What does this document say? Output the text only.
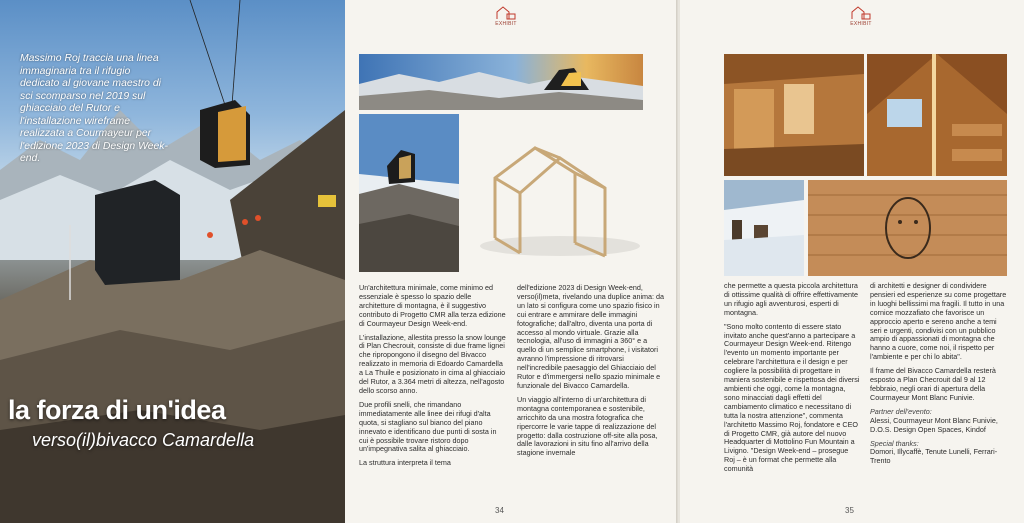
Massimo Roj traccia una linea immaginaria tra il rifugio dedicato al giovane maestro di sci scomparso nel 2019 sul ghiacciaio del Rutor e l'installazione wireframe realizzata a Courmayeur per l'edizione 2023 di Design Week-end.
la forza di un'idea
verso(il)bivacco Camardella
EXHIBIT

Un'architettura minimale, come minimo ed essenziale è spesso lo spazio delle architetture di montagna, è il suggestivo contributo di Progetto CMR alla terza edizione di Courmayeur Design Week-end.

L'installazione, allestita presso la snow lounge di Plan Checrouit, consiste di due frame lignei che ripropongono il disegno del Bivacco realizzato in memoria di Edoardo Camardella a La Thuile e posizionato in cima al ghiacciaio del Rutor, a 3.364 metri di altezza, nell'agosto dello scorso anno.

Due profili snelli, che rimandano immediatamente alle linee dei rifugi d'alta quota, si stagliano sul bianco del piano innevato e identificano due punti di sosta in cui è possibile trovare ristoro dopo un'impegnativa salita al ghiacciaio.

La struttura interpreta il tema

dell'edizione 2023 di Design Week-end, verso(il)meta, rivelando una duplice anima: da un lato si configura come uno spazio fisico in cui entrare e ammirare delle immagini fotografiche; dall'altro, diventa una porta di accesso al mondo virtuale. Grazie alla tecnologia, all'uso di immagini a 360° e a quello di un semplice smartphone, i visitatori avranno l'impressione di ritrovarsi nell'incredibile paesaggio del Ghiacciaio del Rutor e d'immergersi nello spazio minimale e funzionale del Bivacco Camardella.

Un viaggio all'interno di un'architettura di montagna contemporanea e sostenibile, arricchito da una mostra fotografica che ripercorre le varie tappe di realizzazione del progetto: dalla costruzione off-site alla posa, dalle lavorazioni in situ fino all'arrivo della stagione invernale

34
EXHIBIT

che permette a questa piccola architettura di ottissime qualità di offrire effettivamente un rifugio agli avventurosi, esperti di montagna.

"Sono molto contento di essere stato invitato anche quest'anno a partecipare a Courmayeur Design Week-end. Ritengo l'evento un momento importante per celebrare l'architettura e il design e per cogliere la possibilità di progettare in maniera sostenibile e rispettosa dei diversi ambienti che oggi, come la montagna, sono minacciati dagli effetti del cambiamento climatico e necessitano di tutta la nostra attenzione", commenta l'architetto Massimo Roj, fondatore e CEO di Progetto CMR, già autore del nuovo Headquarter di Mottolino Fun Mountain a Livigno. "Design Week-end – prosegue Roj – è un format che permette alla comunità

di architetti e designer di condividere pensieri ed esperienze su come progettare in luoghi bellissimi ma fragili. Il tutto in una cornice mozzafiato che favorisce un approccio aperto e sereno anche a temi seri e urgenti, condivisi con un pubblico ampio di appassionati di montagna che hanno a cuore, come noi, il rispetto per l'ambiente e per chi lo abita".

Il frame del Bivacco Camardella resterà esposto a Plan Checrouit dal 9 al 12 febbraio, negli orari di apertura della Courmayeur Mont Blanc Funivie.

Partner dell'evento:

Alessi, Courmayeur Mont Blanc Funivie, D.O.S. Design Open Spaces, Kindof

Special thanks:

Domori, Illycaffè, Tenute Lunelli, Ferrari-Trento

35
